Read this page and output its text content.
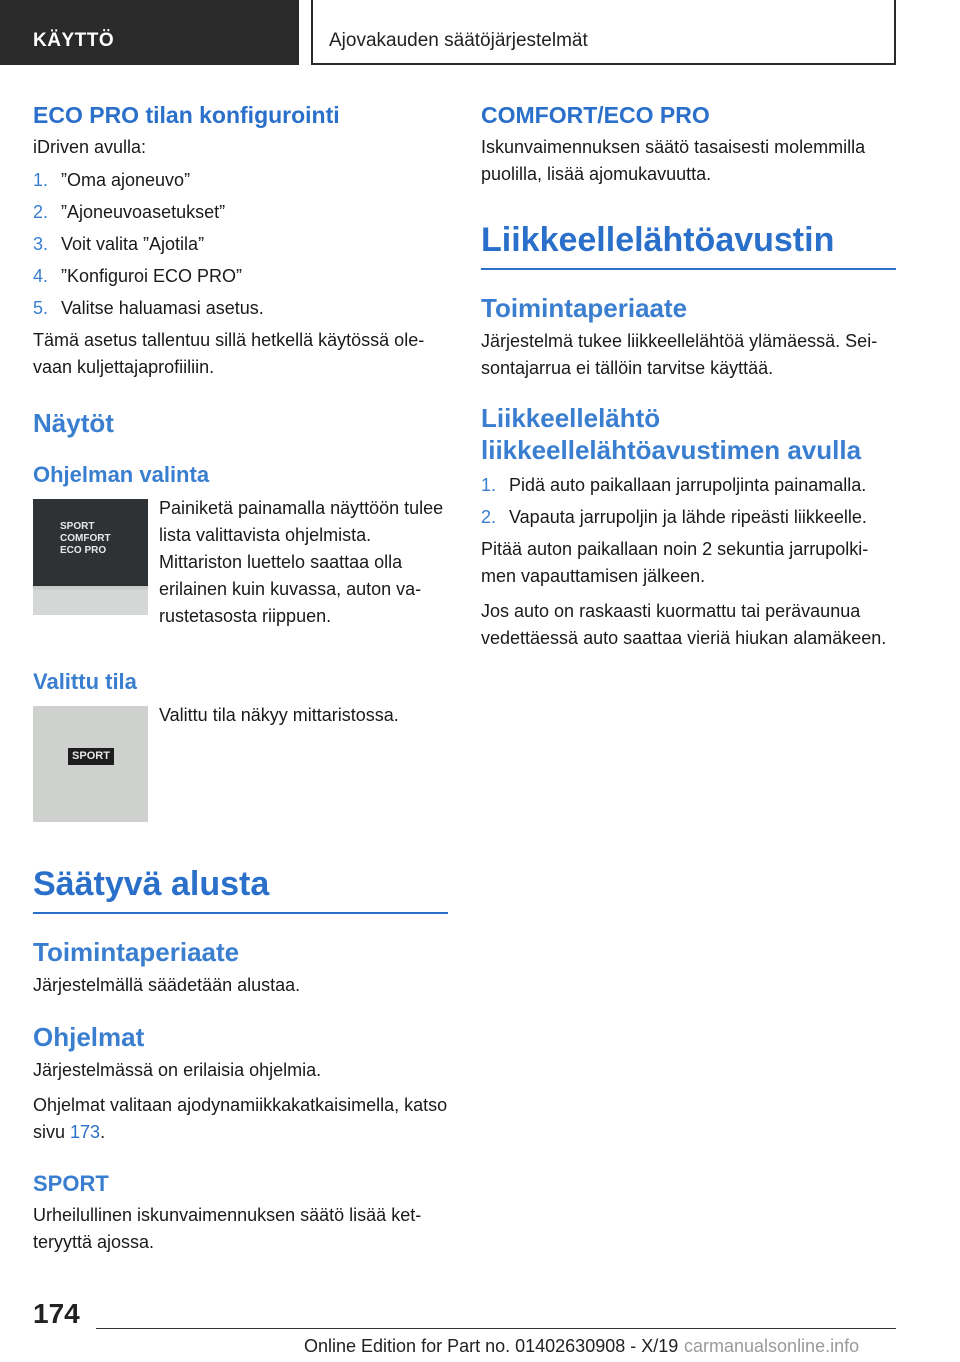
KÄYTTÖ	Ajovakauden säätöjärjestelmät
ECO PRO tilan konfigurointi

iDriven avulla:

1. ”Oma ajoneuvo”
2. ”Ajoneuvoasetukset”
3. Voit valita ”Ajotila”
4. ”Konfiguroi ECO PRO”
5. Valitse haluamasi asetus.

Tämä asetus tallentuu sillä hetkellä käytössä olevaan kuljettajaprofiiliin.

Näytöt
Ohjelman valinta
SPORT
COMFORT
ECO PRO

Painiketä painamalla näyttöön tulee lista valittavista ohjelmista. Mittariston luettelo saattaa olla erilainen kuin kuvassa, auton varustetasosta riippuen.

Valittu tila
SPORT

Valittu tila näkyy mittaristossa.

Säätyvä alusta
Toimintaperiaate

Järjestelmällä säädetään alustaa.

Ohjelmat

Järjestelmässä on erilaisia ohjelmia.

Ohjelmat valitaan ajodynamiikkakatkaisimella, katso sivu 173.

SPORT

Urheilullinen iskunvaimennuksen säätö lisää ketteryyttä ajossa.

COMFORT/ECO PRO

Iskunvaimennuksen säätö tasaisesti molemmilla puolilla, lisää ajomukavuutta.

Liikkeellelähtöavustin
Toimintaperiaate

Järjestelmä tukee liikkeellelähtöä ylämäessä. Seisontajarrua ei tällöin tarvitse käyttää.

Liikkeellelähtö liikkeellelähtöavustimen avulla
1. Pidä auto paikallaan jarrupoljinta painamalla.
2. Vapauta jarrupoljin ja lähde ripeästi liikkeelle.

Pitää auton paikallaan noin 2 sekuntia jarrupolkimen vapauttamisen jälkeen.

Jos auto on raskaasti kuormattu tai perävaunua vedettäessä auto saattaa vieriä hiukan alamäkeen.

174
Online Edition for Part no. 01402630908 - X/19 carmanualsonline.info
